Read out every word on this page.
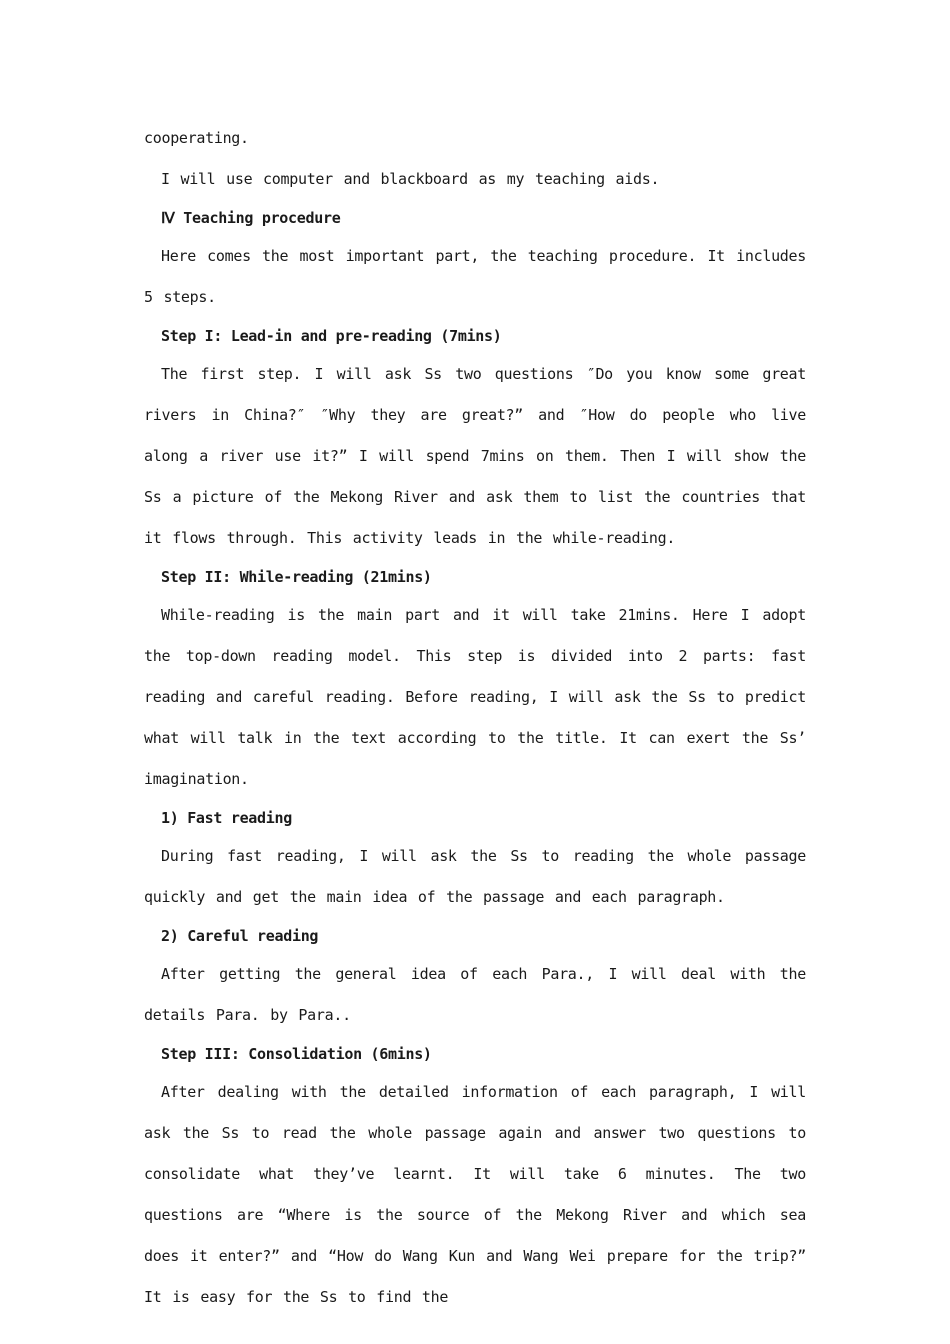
cooperating.

I will use computer and blackboard as my teaching aids.

Ⅳ Teaching procedure

Here comes the most important part, the teaching procedure. It includes 5 steps.

Step I: Lead-in and pre-reading (7mins)

The first step. I will ask Ss two questions ″Do you know some great rivers in China?″ ″Why they are great?” and ″How do people who live along a river use it?” I will spend 7mins on them. Then I will show the Ss a picture of the Mekong River and ask them to list the countries that it flows through. This activity leads in the while-reading.

Step II: While-reading (21mins)

While-reading is the main part and it will take 21mins. Here I adopt the top-down reading model. This step is divided into 2 parts: fast reading and careful reading. Before reading, I will ask the Ss to predict what will talk in the text according to the title. It can exert the Ss’ imagination.

1) Fast reading

During fast reading, I will ask the Ss to reading the whole passage quickly and get the main idea of the passage and each paragraph.

2) Careful reading

After getting the general idea of each Para., I will deal with the details Para. by Para..

Step III: Consolidation (6mins)

After dealing with the detailed information of each paragraph, I will ask the Ss to read the whole passage again and answer two questions to consolidate what they’ve learnt. It will take 6 minutes. The two questions are “Where is the source of the Mekong River and which sea does it enter?” and “How do Wang Kun and Wang Wei prepare for the trip?” It is easy for the Ss to find the
